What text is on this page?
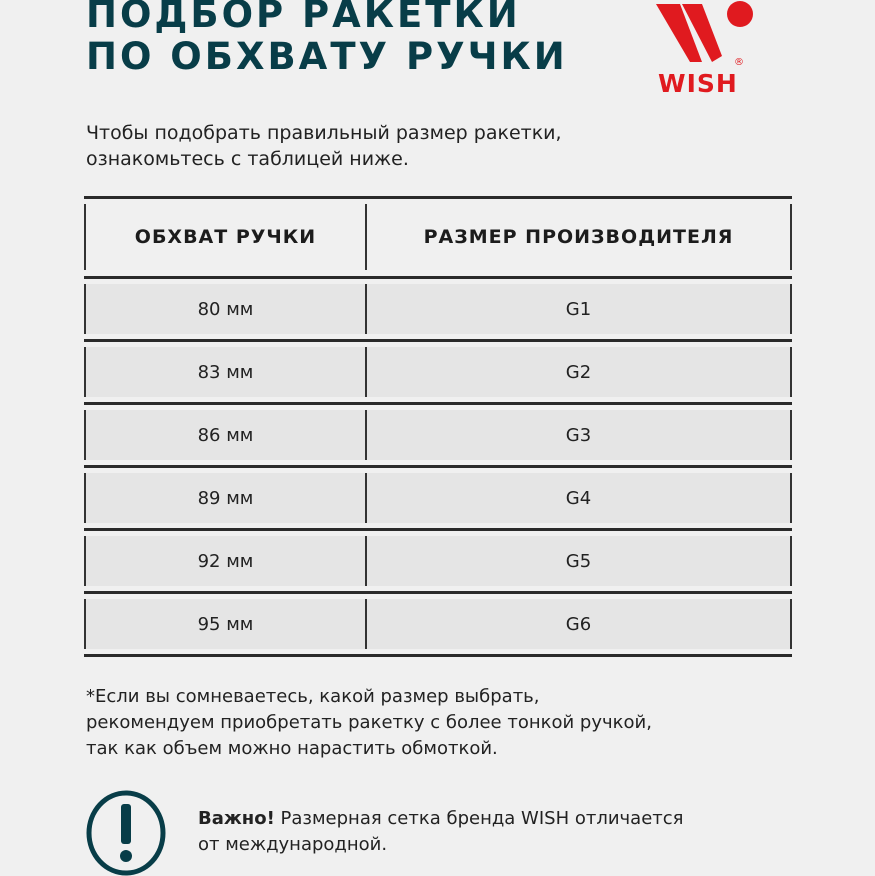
ПОДБОР РАКЕТКИ
ПО ОБХВАТУ РУЧКИ	®
WISH
Чтобы подобрать правильный размер ракетки,
ознакомьтесь с таблицей ниже.
ОБХВАТ РУЧКИ	РАЗМЕР ПРОИЗВОДИТЕЛЯ
80 мм	G1
83 мм	G2
86 мм	G3
89 мм	G4
92 мм	G5
95 мм	G6
*Если вы сомневаетесь, какой размер выбрать,
рекомендуем приобретать ракетку с более тонкой ручкой,
так как объем можно нарастить обмоткой.
Важно! Размерная сетка бренда WISH отличается
от международной.
